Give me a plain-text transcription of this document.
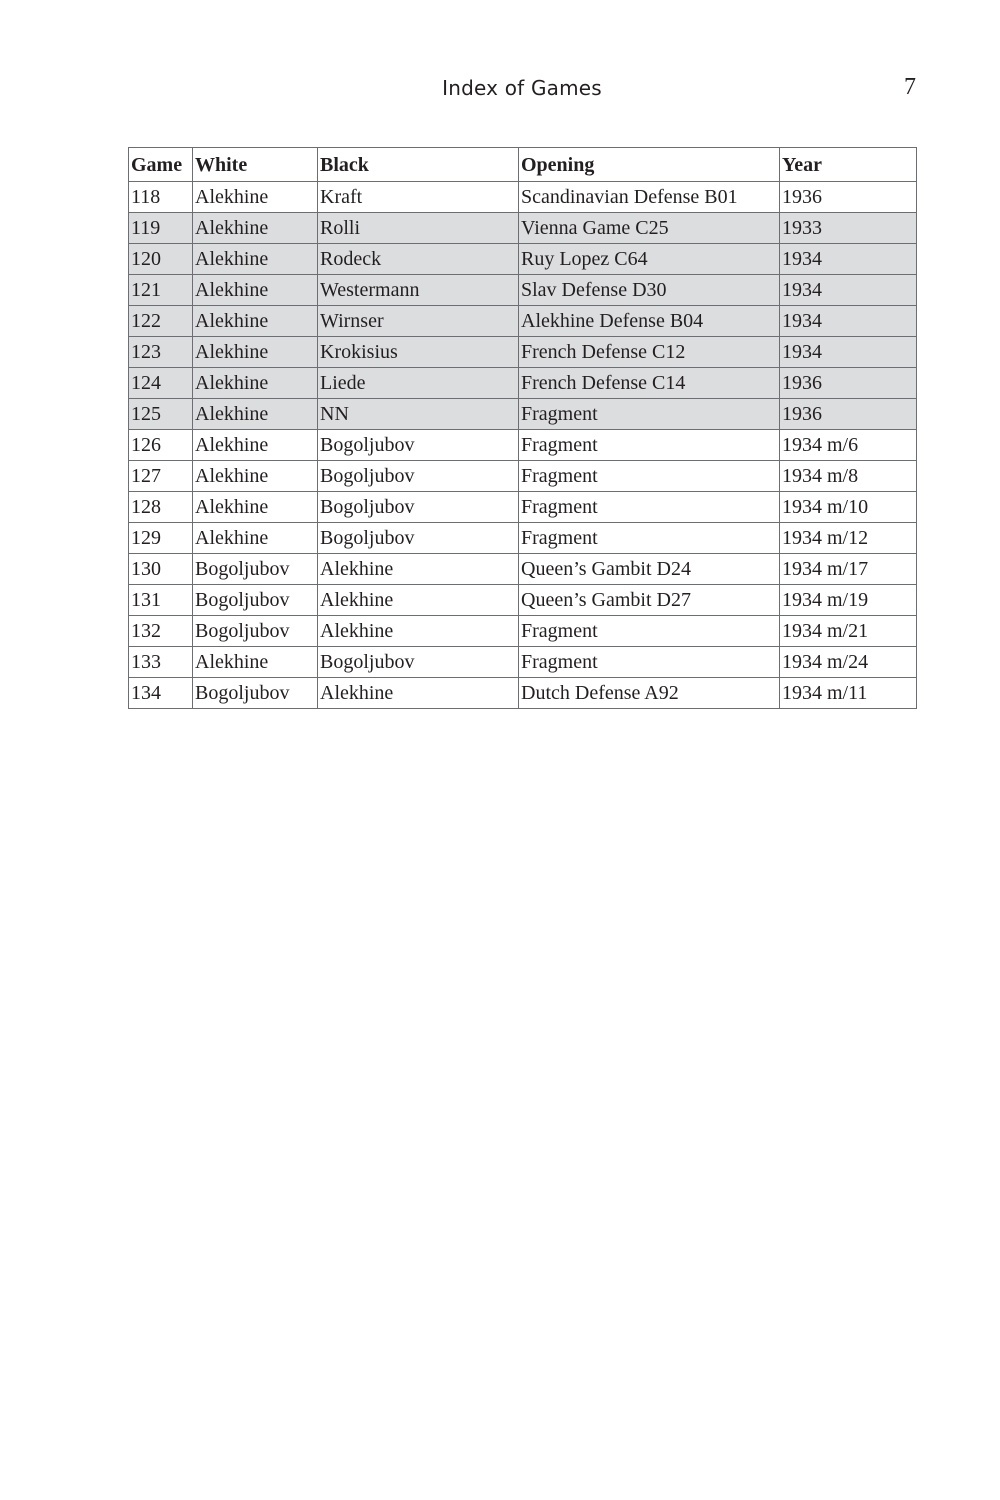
Index of Games	7
Game	White	Black	Opening	Year
118	Alekhine	Kraft	Scandinavian Defense B01	1936
119	Alekhine	Rolli	Vienna Game C25	1933
120	Alekhine	Rodeck	Ruy Lopez C64	1934
121	Alekhine	Westermann	Slav Defense D30	1934
122	Alekhine	Wirnser	Alekhine Defense B04	1934
123	Alekhine	Krokisius	French Defense C12	1934
124	Alekhine	Liede	French Defense C14	1936
125	Alekhine	NN	Fragment	1936
126	Alekhine	Bogoljubov	Fragment	1934 m/6
127	Alekhine	Bogoljubov	Fragment	1934 m/8
128	Alekhine	Bogoljubov	Fragment	1934 m/10
129	Alekhine	Bogoljubov	Fragment	1934 m/12
130	Bogoljubov	Alekhine	Queen’s Gambit D24	1934 m/17
131	Bogoljubov	Alekhine	Queen’s Gambit D27	1934 m/19
132	Bogoljubov	Alekhine	Fragment	1934 m/21
133	Alekhine	Bogoljubov	Fragment	1934 m/24
134	Bogoljubov	Alekhine	Dutch Defense A92	1934 m/11
